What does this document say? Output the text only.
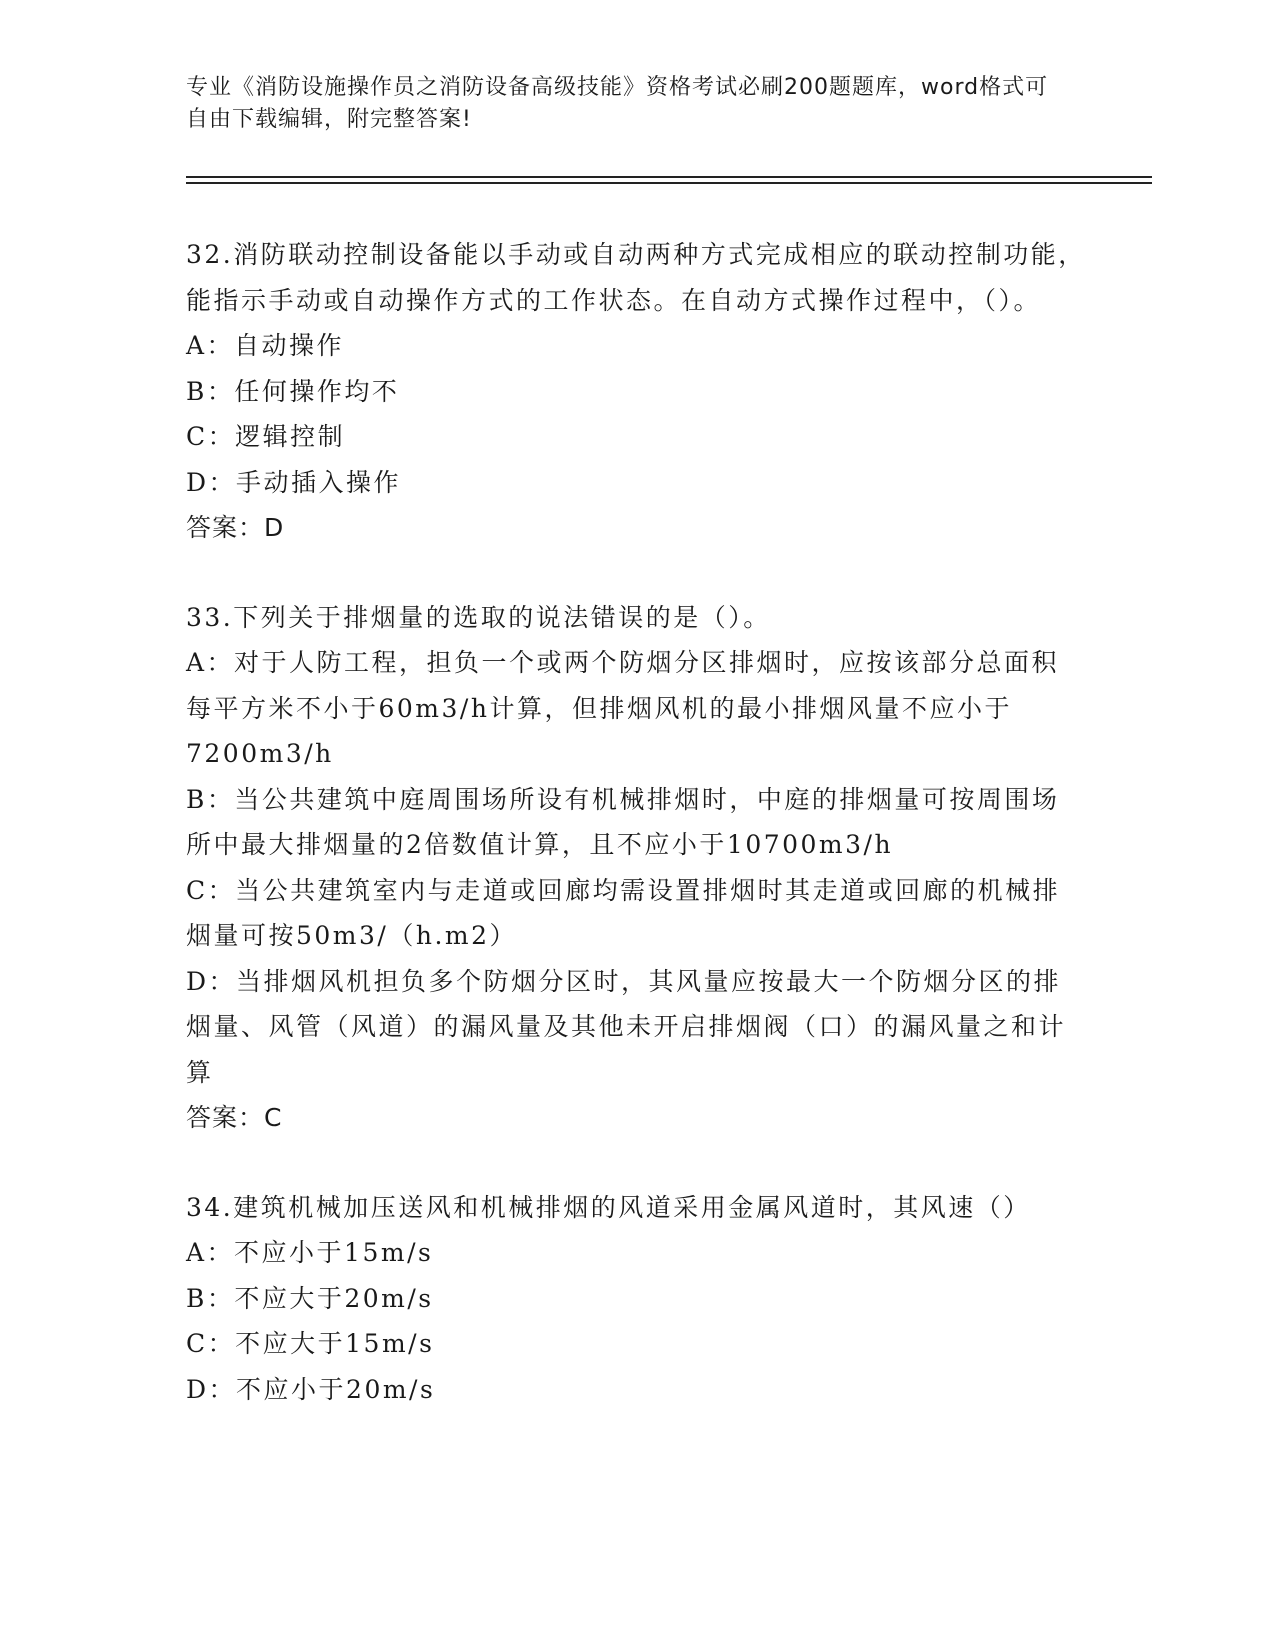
专业《消防设施操作员之消防设备高级技能》资格考试必刷200题题库，word格式可自由下载编辑，附完整答案!
32.消防联动控制设备能以手动或自动两种方式完成相应的联动控制功能，能指示手动或自动操作方式的工作状态。在自动方式操作过程中，（）。
A：自动操作
B：任何操作均不
C：逻辑控制
D：手动插入操作
答案：D
33.下列关于排烟量的选取的说法错误的是（）。
A：对于人防工程，担负一个或两个防烟分区排烟时，应按该部分总面积每平方米不小于60m3/h计算，但排烟风机的最小排烟风量不应小于7200m3/h
B：当公共建筑中庭周围场所设有机械排烟时，中庭的排烟量可按周围场所中最大排烟量的2倍数值计算，且不应小于10700m3/h
C：当公共建筑室内与走道或回廊均需设置排烟时其走道或回廊的机械排烟量可按50m3/（h.m2）
D：当排烟风机担负多个防烟分区时，其风量应按最大一个防烟分区的排烟量、风管（风道）的漏风量及其他未开启排烟阀（口）的漏风量之和计算
答案：C
34.建筑机械加压送风和机械排烟的风道采用金属风道时，其风速（）
A：不应小于15m/s
B：不应大于20m/s
C：不应大于15m/s
D：不应小于20m/s
